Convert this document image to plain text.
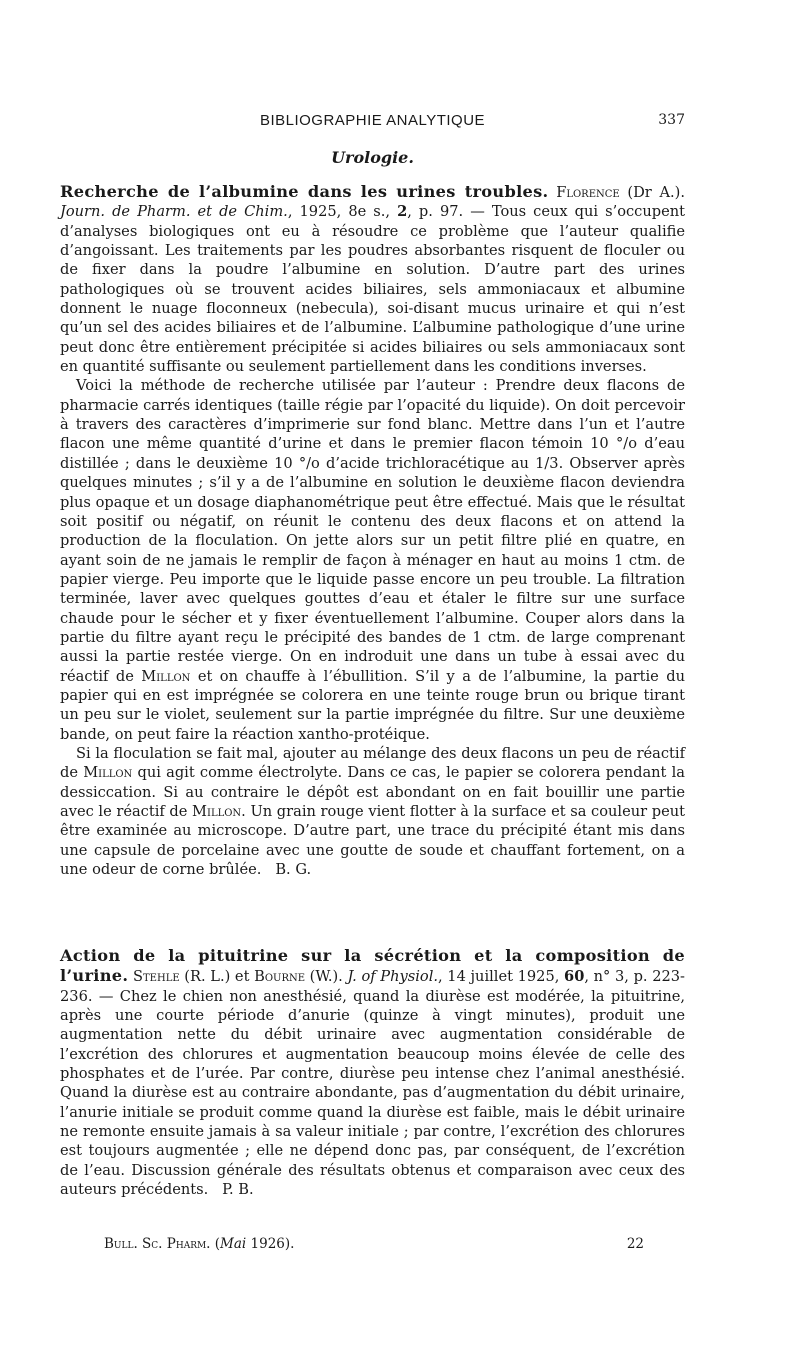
BIBLIOGRAPHIE ANALYTIQUE	337
Urologie.

Recherche de l’albumine dans les urines troubles. Florence (Dr A.). Journ. de Pharm. et de Chim., 1925, 8e s., 2, p. 97. — Tous ceux qui s’occupent d’analyses biologiques ont eu à résoudre ce problème que l’auteur qualifie d’angoissant. Les traitements par les poudres absorbantes risquent de floculer ou de fixer dans la poudre l’albumine en solution. D’autre part des urines pathologiques où se trouvent acides biliaires, sels ammoniacaux et albumine donnent le nuage floconneux (nebecula), soi-disant mucus urinaire et qui n’est qu’un sel des acides biliaires et de l’albumine. L’albumine pathologique d’une urine peut donc être entièrement précipitée si acides biliaires ou sels ammoniacaux sont en quantité suffisante ou seulement partiellement dans les conditions inverses.

Voici la méthode de recherche utilisée par l’auteur : Prendre deux flacons de pharmacie carrés identiques (taille régie par l’opacité du liquide). On doit percevoir à travers des caractères d’imprimerie sur fond blanc. Mettre dans l’un et l’autre flacon une même quantité d’urine et dans le premier flacon témoin 10 °/o d’eau distillée ; dans le deuxième 10 °/o d’acide trichloracétique au 1/3. Observer après quelques minutes ; s’il y a de l’albumine en solution le deuxième flacon deviendra plus opaque et un dosage diaphanométrique peut être effectué. Mais que le résultat soit positif ou négatif, on réunit le contenu des deux flacons et on attend la production de la floculation. On jette alors sur un petit filtre plié en quatre, en ayant soin de ne jamais le remplir de façon à ménager en haut au moins 1 ctm. de papier vierge. Peu importe que le liquide passe encore un peu trouble. La filtration terminée, laver avec quelques gouttes d’eau et étaler le filtre sur une surface chaude pour le sécher et y fixer éventuellement l’albumine. Couper alors dans la partie du filtre ayant reçu le précipité des bandes de 1 ctm. de large comprenant aussi la partie restée vierge. On en indroduit une dans un tube à essai avec du réactif de Millon et on chauffe à l’ébullition. S’il y a de l’albumine, la partie du papier qui en est imprégnée se colorera en une teinte rouge brun ou brique tirant un peu sur le violet, seulement sur la partie imprégnée du filtre. Sur une deuxième bande, on peut faire la réaction xantho-protéique.

Si la floculation se fait mal, ajouter au mélange des deux flacons un peu de réactif de Millon qui agit comme électrolyte. Dans ce cas, le papier se colorera pendant la dessiccation. Si au contraire le dépôt est abondant on en fait bouillir une partie avec le réactif de Millon. Un grain rouge vient flotter à la surface et sa couleur peut être examinée au microscope. D’autre part, une trace du précipité étant mis dans une capsule de porcelaine avec une goutte de soude et chauffant fortement, on a une odeur de corne brûlée. B. G.

Action de la pituitrine sur la sécrétion et la composition de l’urine. Stehle (R. L.) et Bourne (W.). J. of Physiol., 14 juillet 1925, 60, n° 3, p. 223-236. — Chez le chien non anesthésié, quand la diurèse est modérée, la pituitrine, après une courte période d’anurie (quinze à vingt minutes), produit une augmentation nette du débit urinaire avec augmentation considérable de l’excrétion des chlorures et augmentation beaucoup moins élevée de celle des phosphates et de l’urée. Par contre, diurèse peu intense chez l’animal anesthésié. Quand la diurèse est au contraire abondante, pas d’augmentation du débit urinaire, l’anurie initiale se produit comme quand la diurèse est faible, mais le débit urinaire ne remonte ensuite jamais à sa valeur initiale ; par contre, l’excrétion des chlorures est toujours augmentée ; elle ne dépend donc pas, par conséquent, de l’excrétion de l’eau. Discussion générale des résultats obtenus et comparaison avec ceux des auteurs précédents. P. B.

Bull. Sc. Pharm. (Mai 1926).	22
